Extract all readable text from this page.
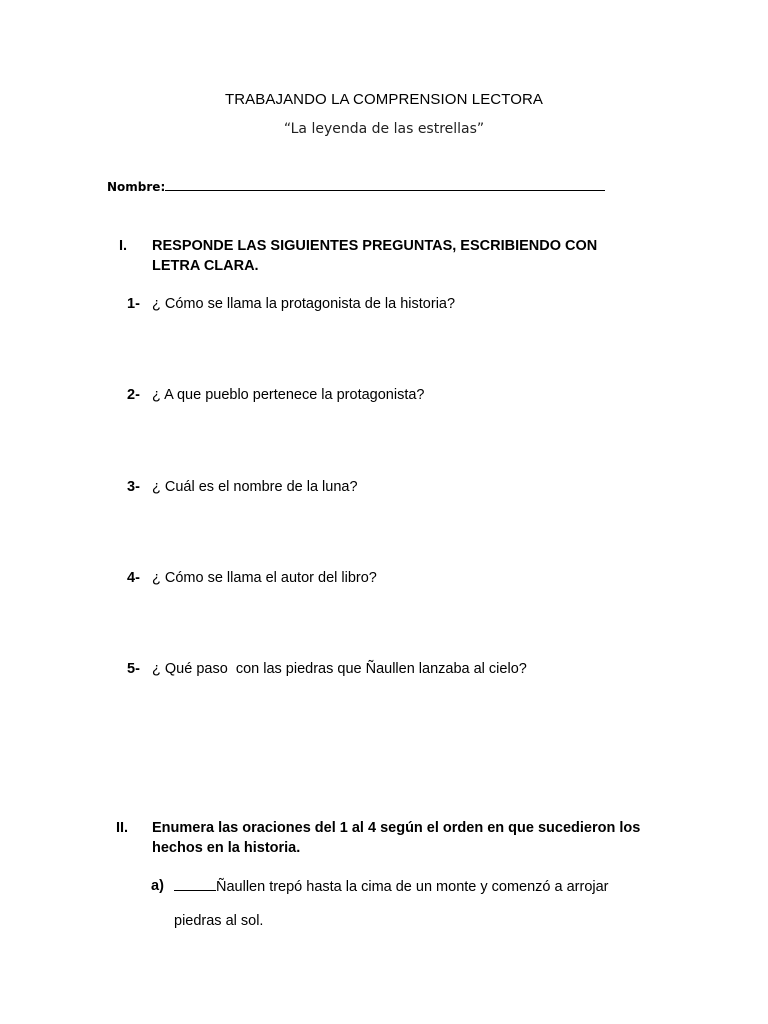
TRABAJANDO LA COMPRENSION LECTORA
“La leyenda de las estrellas”
Nombre:
I. RESPONDE LAS SIGUIENTES PREGUNTAS, ESCRIBIENDO CON
LETRA CLARA.
1- ¿ Cómo se llama la protagonista de la historia?
2- ¿ A que pueblo pertenece la protagonista?
3- ¿ Cuál es el nombre de la luna?
4- ¿ Cómo se llama el autor del libro?
5- ¿ Qué paso  con las piedras que Ñaullen lanzaba al cielo?
II. Enumera las oraciones del 1 al 4 según el orden en que sucedieron los
hechos en la historia.
a)	Ñaullen trepó hasta la cima de un monte y comenzó a arrojar
piedras al sol.
